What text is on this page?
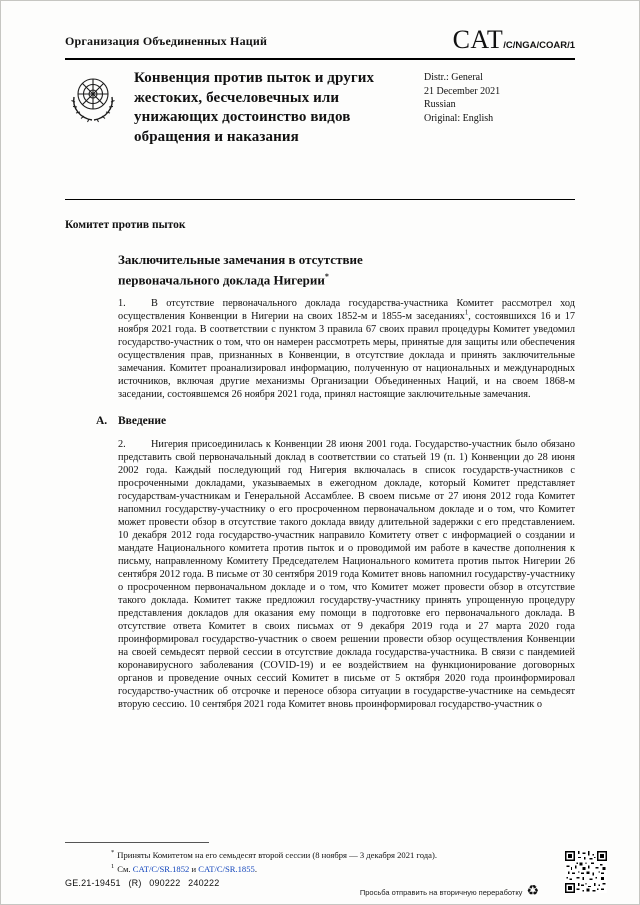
Организация Объединенных Наций	CAT/C/NGA/COAR/1
Конвенция против пыток и других жестоких, бесчеловечных или унижающих достоинство видов обращения и наказания
Distr.: General
21 December 2021
Russian
Original: English
Комитет против пыток
Заключительные замечания в отсутствие первоначального доклада Нигерии*

1. В отсутствие первоначального доклада государства-участника Комитет рассмотрел ход осуществления Конвенции в Нигерии на своих 1852-м и 1855-м заседаниях$^1$, состоявшихся 16 и 17 ноября 2021 года. В соответствии с пунктом 3 правила 67 своих правил процедуры Комитет уведомил государство-участник о том, что он намерен рассмотреть меры, принятые для защиты или обеспечения осуществления прав, признанных в Конвенции, в отсутствие доклада и принять заключительные замечания. Комитет проанализировал информацию, полученную от национальных и международных источников, включая другие механизмы Организации Объединенных Наций, и на своем 1868-м заседании, состоявшемся 26 ноября 2021 года, принял настоящие заключительные замечания.

A. Введение

2. Нигерия присоединилась к Конвенции 28 июня 2001 года. Государство-участник было обязано представить свой первоначальный доклад в соответствии со статьей 19 (п. 1) Конвенции до 28 июня 2002 года. Каждый последующий год Нигерия включалась в список государств-участников с просроченными докладами, указываемых в ежегодном докладе, который Комитет представляет государствам-участникам и Генеральной Ассамблее. В своем письме от 27 июня 2012 года Комитет напомнил государству-участнику о его просроченном первоначальном докладе и о том, что Комитет может провести обзор в отсутствие такого доклада ввиду длительной задержки с его представлением. 10 декабря 2012 года государство-участник направило Комитету ответ с информацией о создании и мандате Национального комитета против пыток и о проводимой им работе в качестве дополнения к письму, направленному Комитету Председателем Национального комитета против пыток Нигерии 26 сентября 2012 года. В письме от 30 сентября 2019 года Комитет вновь напомнил государству-участнику о просроченном первоначальном докладе и о том, что Комитет может провести обзор в отсутствие такого доклада. Комитет также предложил государству-участнику принять упрощенную процедуру представления докладов для оказания ему помощи в подготовке его первоначального доклада. В отсутствие ответа Комитет в своих письмах от 9 декабря 2019 года и 27 марта 2020 года проинформировал государство-участник о своем решении провести обзор осуществления Конвенции на своей семьдесят первой сессии в отсутствие доклада государства-участника. В связи с пандемией коронавирусного заболевания (COVID-19) и ее воздействием на функционирование договорных органов и проведение очных сессий Комитет в письме от 5 октября 2020 года проинформировал государство-участник об отсрочке и переносе обзора ситуации в государстве-участнике на семьдесят вторую сессию. 10 сентября 2021 года Комитет вновь проинформировал государство-участник о

* Приняты Комитетом на его семьдесят второй сессии (8 ноября — 3 декабря 2021 года).
$^1$ См. CAT/C/SR.1852 и CAT/C/SR.1855.
GE.21-19451 (R) 090222 240222
Просьба отправить на вторичную переработку ♻
